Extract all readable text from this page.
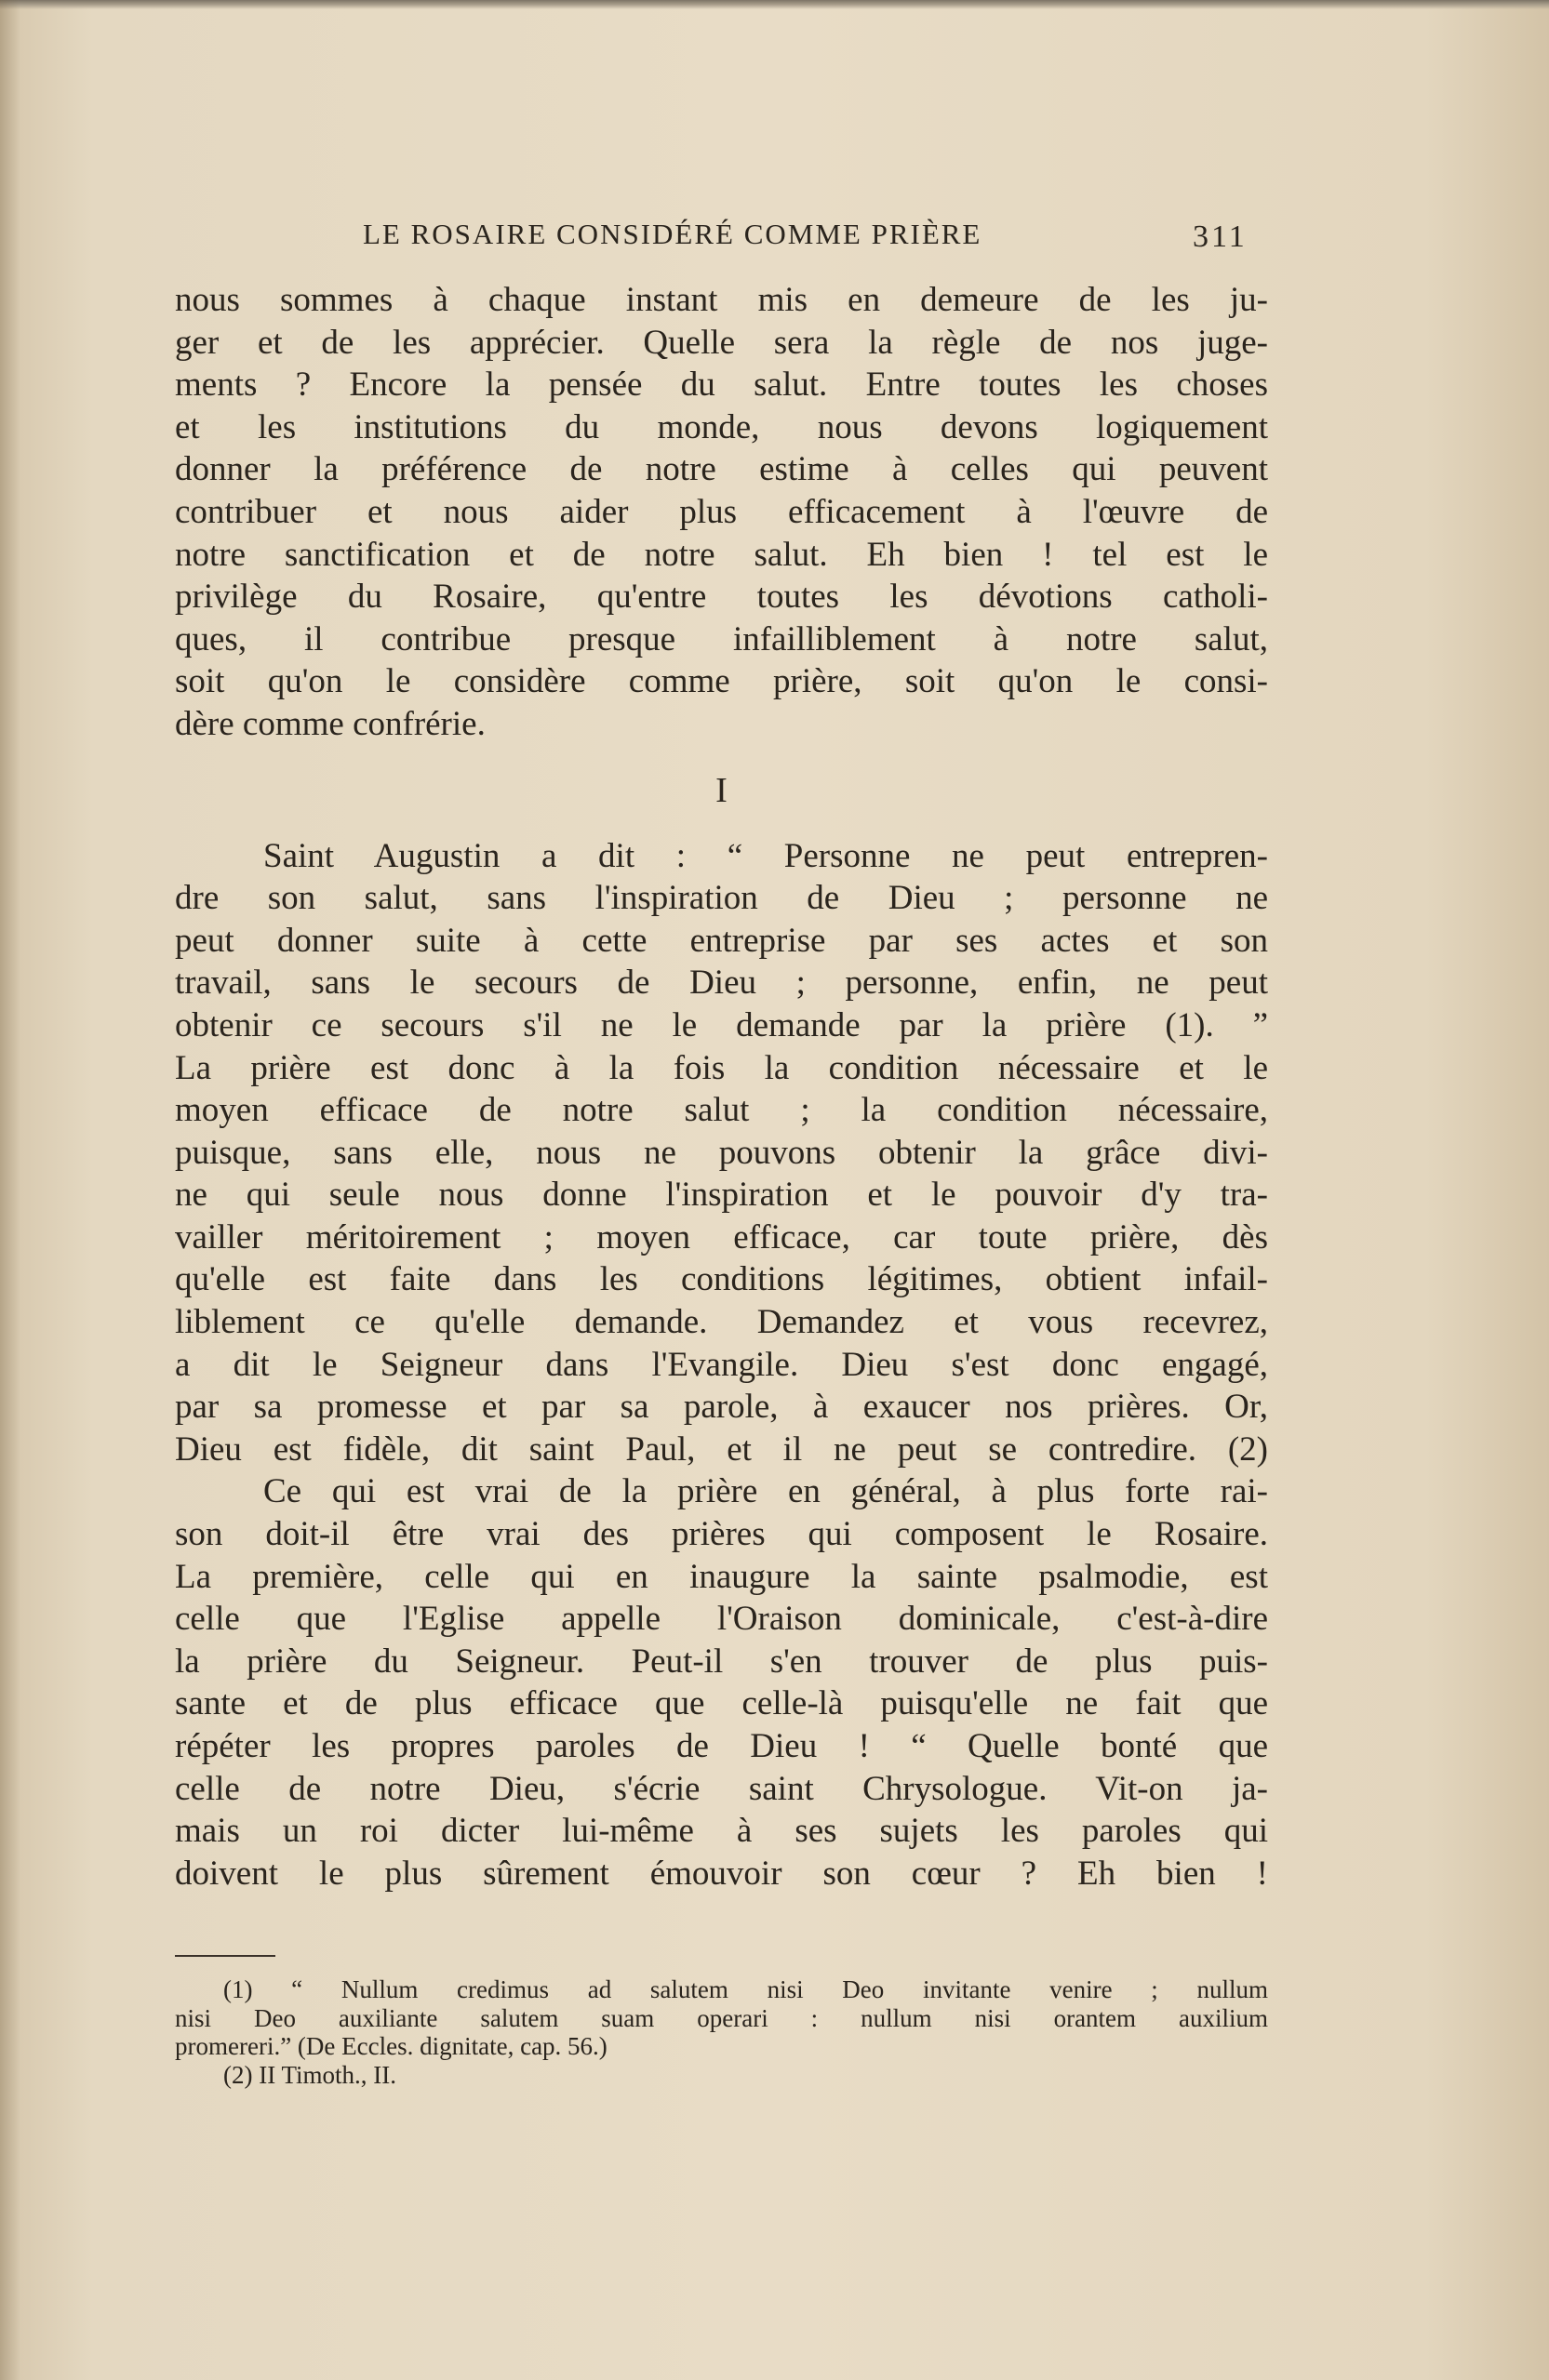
LE ROSAIRE CONSIDÉRÉ COMME PRIÈRE	311
nous sommes à chaque instant mis en demeure de les ju-
ger et de les apprécier. Quelle sera la règle de nos juge-
ments ? Encore la pensée du salut. Entre toutes les choses
et les institutions du monde, nous devons logiquement
donner la préférence de notre estime à celles qui peuvent
contribuer et nous aider plus efficacement à l'œuvre de
notre sanctification et de notre salut. Eh bien ! tel est le
privilège du Rosaire, qu'entre toutes les dévotions catholi-
ques, il contribue presque infailliblement à notre salut,
soit qu'on le considère comme prière, soit qu'on le consi-
dère comme confrérie.
I
Saint Augustin a dit : “ Personne ne peut entrepren-
dre son salut, sans l'inspiration de Dieu ; personne ne
peut donner suite à cette entreprise par ses actes et son
travail, sans le secours de Dieu ; personne, enfin, ne peut
obtenir ce secours s'il ne le demande par la prière (1). ”
La prière est donc à la fois la condition nécessaire et le
moyen efficace de notre salut ; la condition nécessaire,
puisque, sans elle, nous ne pouvons obtenir la grâce divi-
ne qui seule nous donne l'inspiration et le pouvoir d'y tra-
vailler méritoirement ; moyen efficace, car toute prière, dès
qu'elle est faite dans les conditions légitimes, obtient infail-
liblement ce qu'elle demande. Demandez et vous recevrez,
a dit le Seigneur dans l'Evangile. Dieu s'est donc engagé,
par sa promesse et par sa parole, à exaucer nos prières. Or,
Dieu est fidèle, dit saint Paul, et il ne peut se contredire. (2)
Ce qui est vrai de la prière en général, à plus forte rai-
son doit-il être vrai des prières qui composent le Rosaire.
La première, celle qui en inaugure la sainte psalmodie, est
celle que l'Eglise appelle l'Oraison dominicale, c'est-à-dire
la prière du Seigneur. Peut-il s'en trouver de plus puis-
sante et de plus efficace que celle-là puisqu'elle ne fait que
répéter les propres paroles de Dieu ! “ Quelle bonté que
celle de notre Dieu, s'écrie saint Chrysologue. Vit-on ja-
mais un roi dicter lui-même à ses sujets les paroles qui
doivent le plus sûrement émouvoir son cœur ? Eh bien !
(1) “ Nullum credimus ad salutem nisi Deo invitante venire ; nullum
nisi Deo auxiliante salutem suam operari : nullum nisi orantem auxilium
promereri.” (De Eccles. dignitate, cap. 56.)
(2) II Timoth., II.
